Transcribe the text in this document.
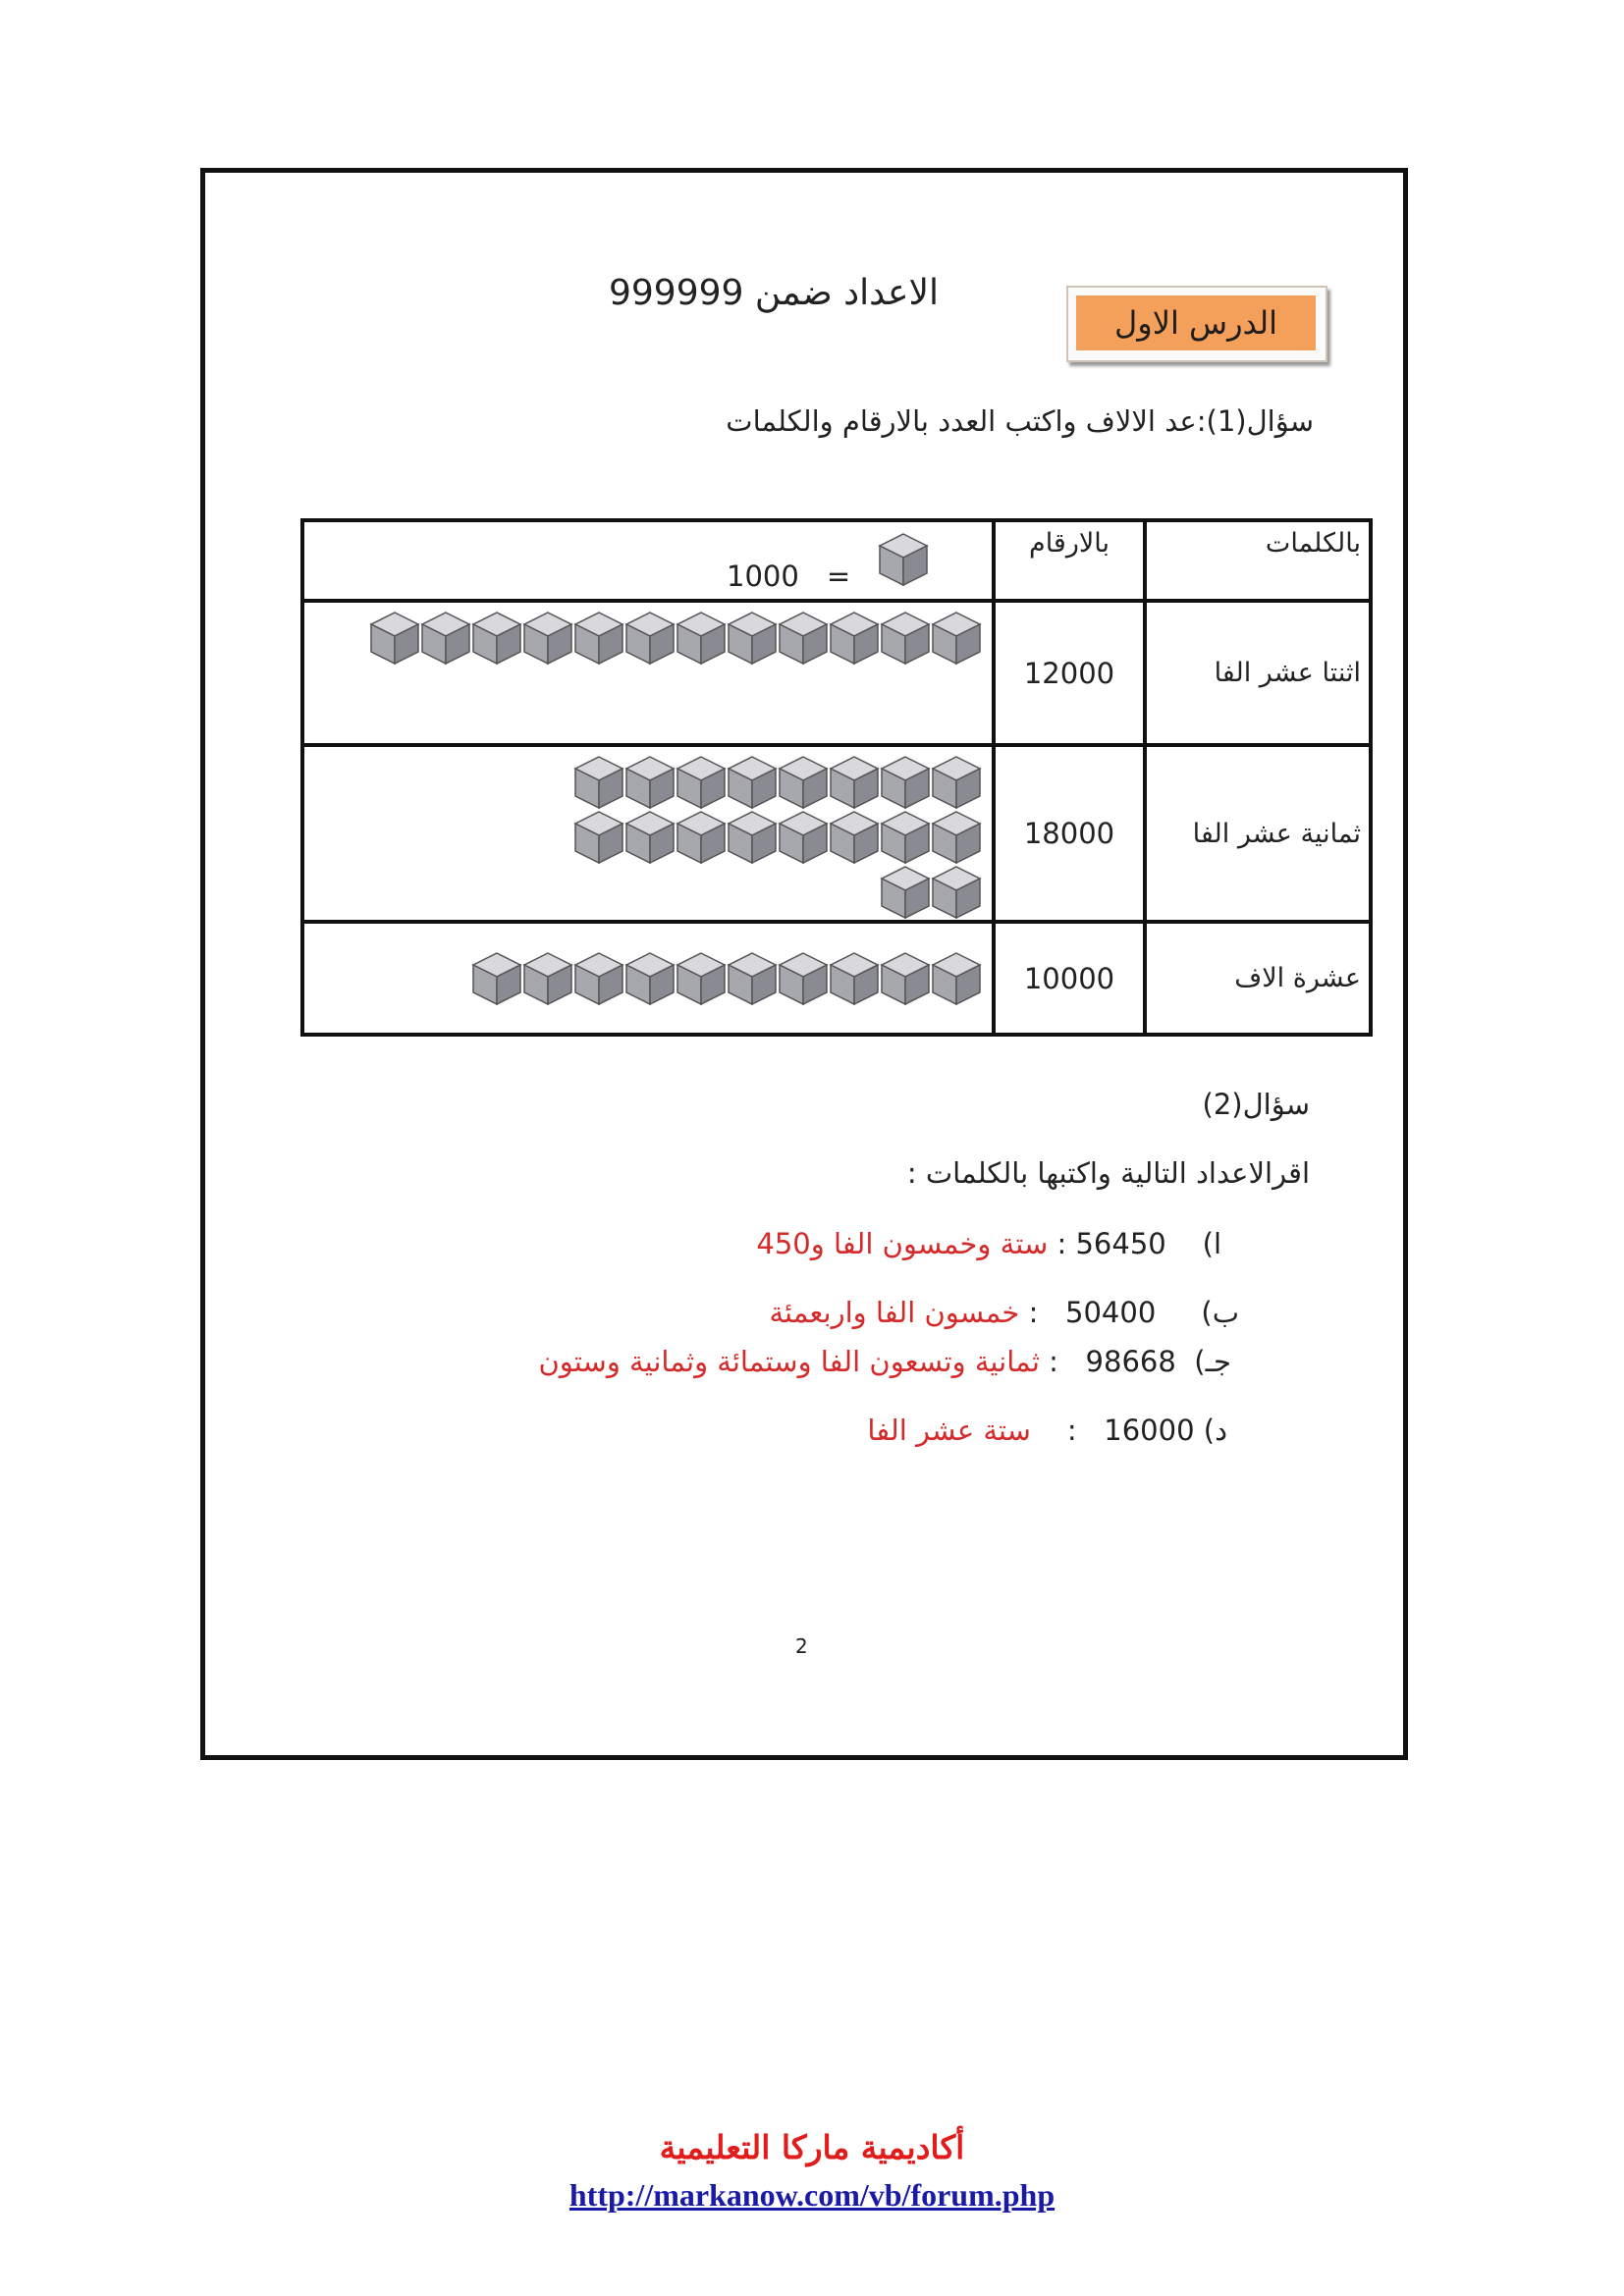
الاعداد ضمن 999999
الدرس الاول
سؤال(1):عد الالاف واكتب العدد بالارقام والكلمات
1000 =	بالارقام	بالكلمات

	12000	اثنتا عشر الفا

	18000	ثمانية عشر الفا

	10000	عشرة الاف
سؤال(2)
اقرالاعداد التالية واكتبها بالكلمات :
ا)    56450 : ستة وخمسون الفا و450
ب)     50400   : خمسون الفا واربعمئة
جـ)  98668   : ثمانية وتسعون الفا وستمائة وثمانية وستون
د) 16000   :    ستة عشر الفا
2
أكاديمية ماركا التعليمية
http://markanow.com/vb/forum.php
